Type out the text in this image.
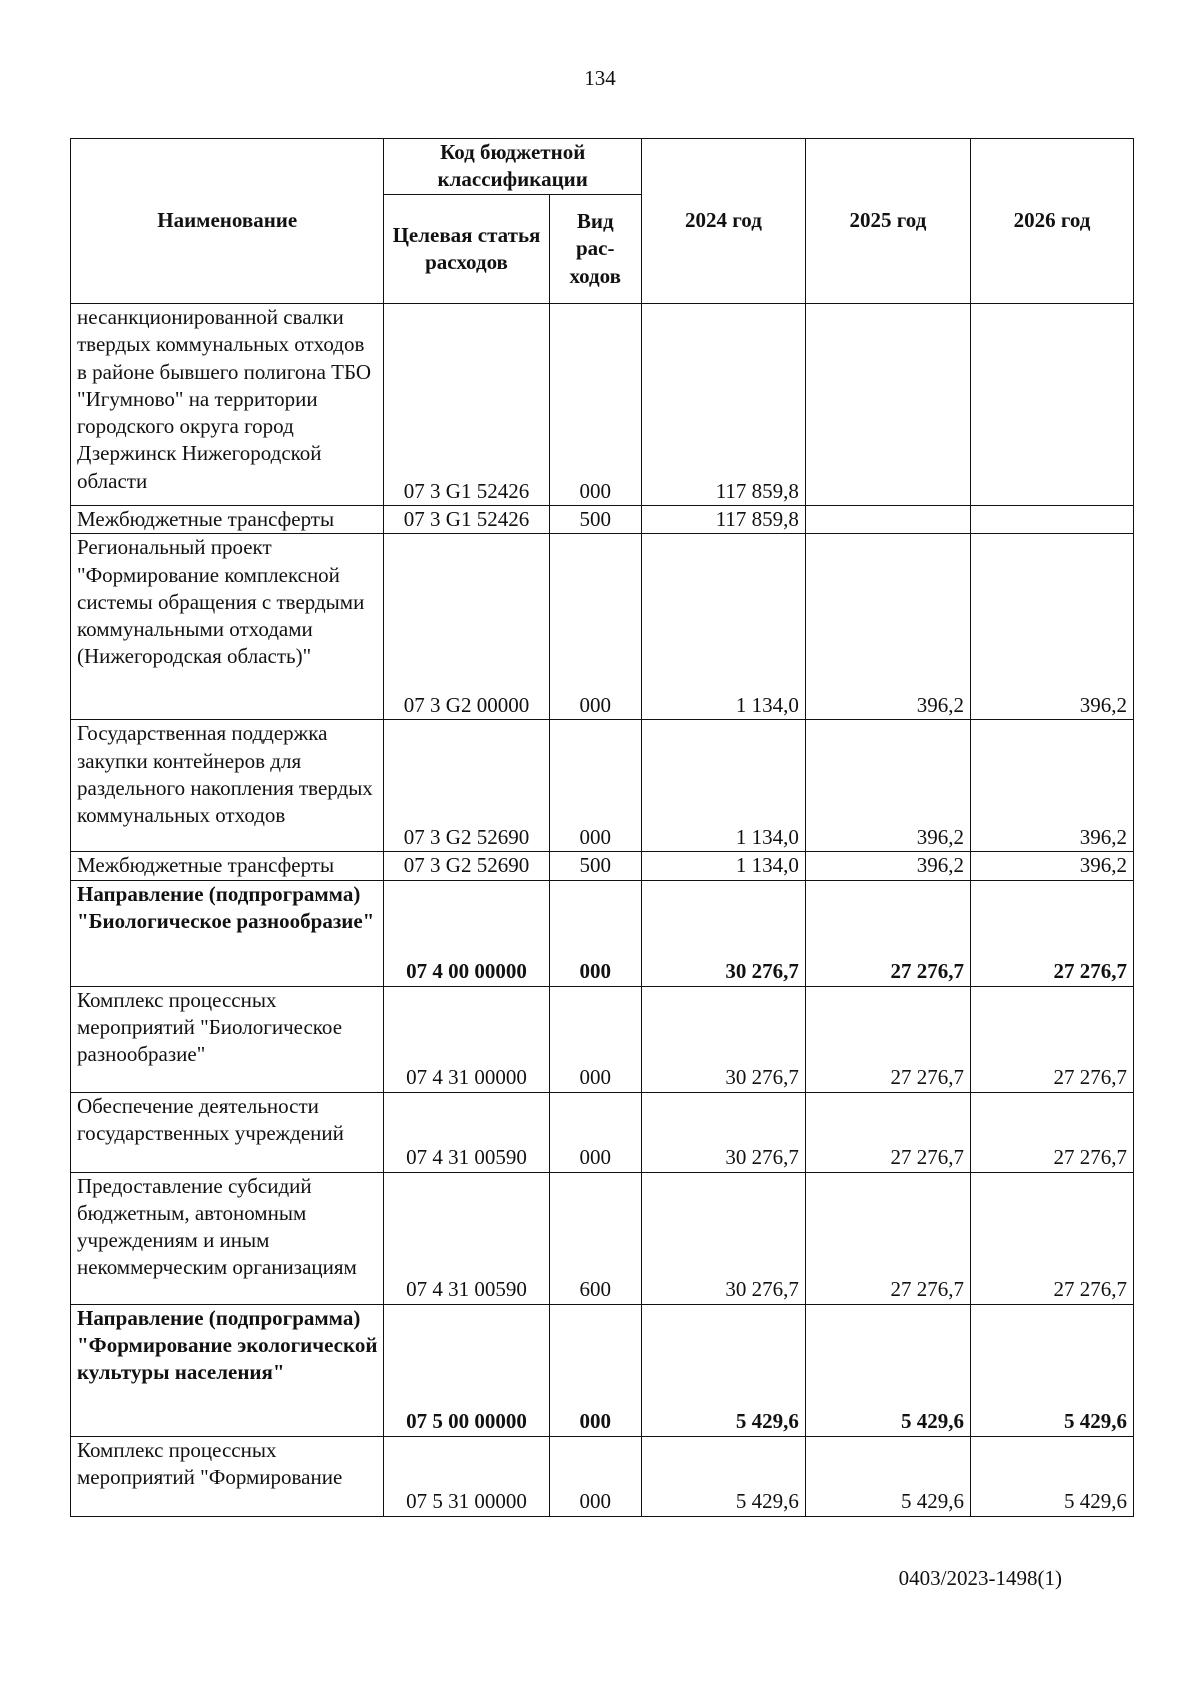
134
Наименование	Код бюджетной классификации		2024 год	2025 год	2026 год
	Целевая статья расходов	Вид рас-ходов			
несанкционированной свалки твердых коммунальных отходов в районе бывшего полигона ТБО "Игумново" на территории городского округа город Дзержинск Нижегородской области	07 3 G1 52426	000	117 859,8		
Межбюджетные трансферты	07 3 G1 52426	500	117 859,8		
Региональный проект "Формирование комплексной системы обращения с твердыми коммунальными отходами (Нижегородская область)"	07 3 G2 00000	000	1 134,0	396,2	396,2
Государственная поддержка закупки контейнеров для раздельного накопления твердых коммунальных отходов	07 3 G2 52690	000	1 134,0	396,2	396,2
Межбюджетные трансферты	07 3 G2 52690	500	1 134,0	396,2	396,2
Направление (подпрограмма) "Биологическое разнообразие"	07 4 00 00000	000	30 276,7	27 276,7	27 276,7
Комплекс процессных мероприятий "Биологическое разнообразие"	07 4 31 00000	000	30 276,7	27 276,7	27 276,7
Обеспечение деятельности государственных учреждений	07 4 31 00590	000	30 276,7	27 276,7	27 276,7
Предоставление субсидий бюджетным, автономным учреждениям и иным некоммерческим организациям	07 4 31 00590	600	30 276,7	27 276,7	27 276,7
Направление (подпрограмма) "Формирование экологической культуры населения"	07 5 00 00000	000	5 429,6	5 429,6	5 429,6
Комплекс процессных мероприятий "Формирование	07 5 31 00000	000	5 429,6	5 429,6	5 429,6
0403/2023-1498(1)
